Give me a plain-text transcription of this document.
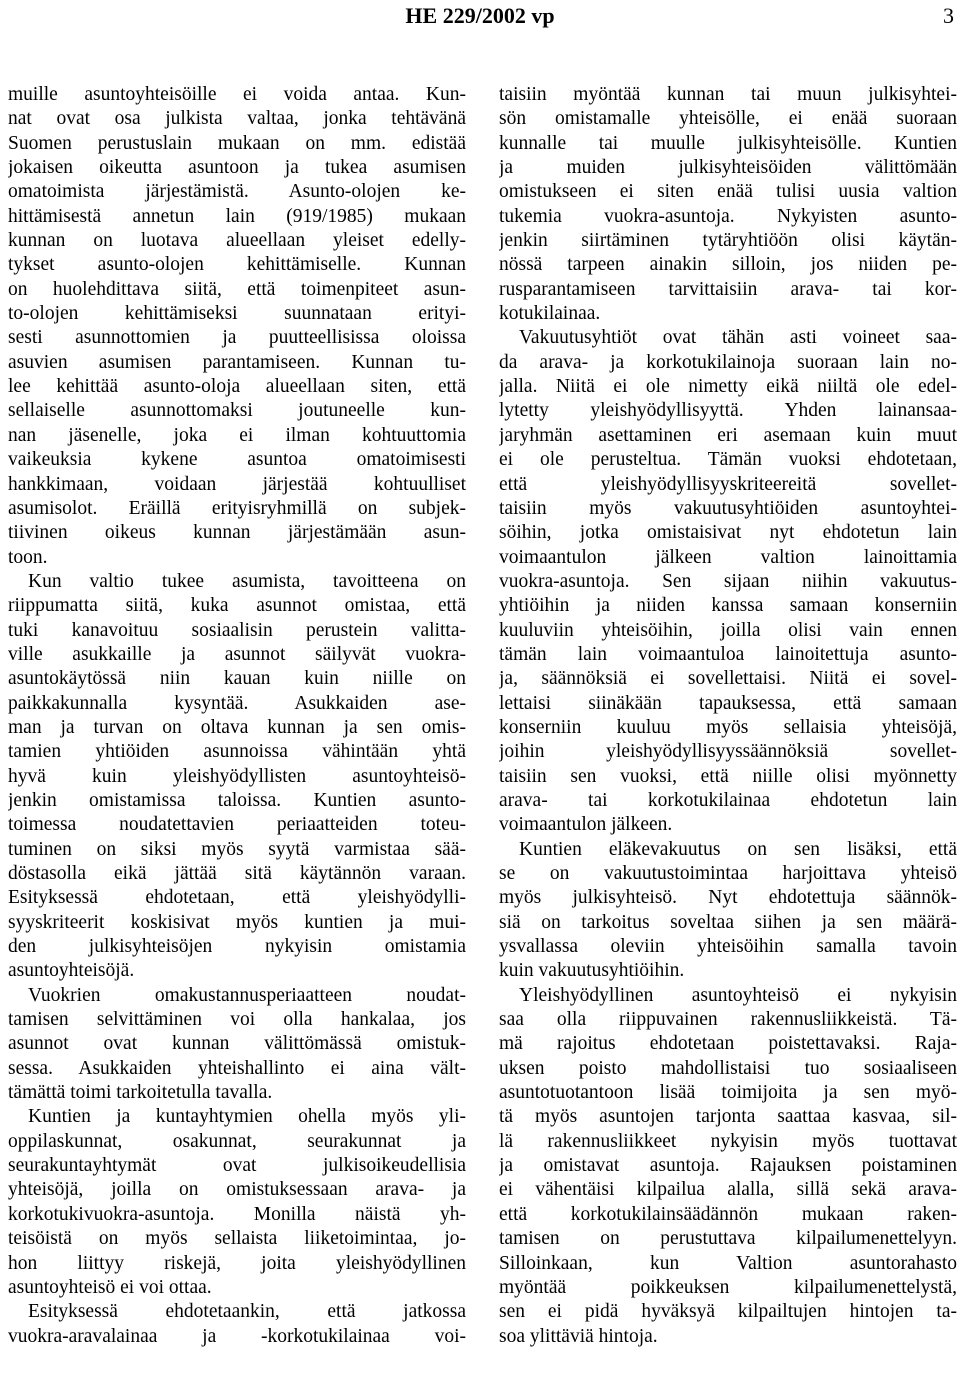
HE 229/2002 vp	3
muille asuntoyhteisöille ei voida antaa. Kun-
nat ovat osa julkista valtaa, jonka tehtävänä
Suomen perustuslain mukaan on mm. edistää
jokaisen oikeutta asuntoon ja tukea asumisen
omatoimista järjestämistä. Asunto-olojen ke-
hittämisestä annetun lain (919/1985) mukaan
kunnan on luotava alueellaan yleiset edelly-
tykset asunto-olojen kehittämiselle. Kunnan
on huolehdittava siitä, että toimenpiteet asun-
to-olojen kehittämiseksi suunnataan erityi-
sesti asunnottomien ja puutteellisissa oloissa
asuvien asumisen parantamiseen. Kunnan tu-
lee kehittää asunto-oloja alueellaan siten, että
sellaiselle asunnottomaksi joutuneelle kun-
nan jäsenelle, joka ei ilman kohtuuttomia
vaikeuksia kykene asuntoa omatoimisesti
hankkimaan, voidaan järjestää kohtuulliset
asumisolot. Eräillä erityisryhmillä on subjek-
tiivinen oikeus kunnan järjestämään asun-
toon.
Kun valtio tukee asumista, tavoitteena on
riippumatta siitä, kuka asunnot omistaa, että
tuki kanavoituu sosiaalisin perustein valitta-
ville asukkaille ja asunnot säilyvät vuokra-
asuntokäytössä niin kauan kuin niille on
paikkakunnalla kysyntää. Asukkaiden ase-
man ja turvan on oltava kunnan ja sen omis-
tamien yhtiöiden asunnoissa vähintään yhtä
hyvä kuin yleishyödyllisten asuntoyhteisö-
jenkin omistamissa taloissa. Kuntien asunto-
toimessa noudatettavien periaatteiden toteu-
tuminen on siksi myös syytä varmistaa sää-
döstasolla eikä jättää sitä käytännön varaan.
Esityksessä ehdotetaan, että yleishyödylli-
syyskriteerit koskisivat myös kuntien ja mui-
den julkisyhteisöjen nykyisin omistamia
asuntoyhteisöjä.
Vuokrien omakustannusperiaatteen noudat-
tamisen selvittäminen voi olla hankalaa, jos
asunnot ovat kunnan välittömässä omistuk-
sessa. Asukkaiden yhteishallinto ei aina vält-
tämättä toimi tarkoitetulla tavalla.
Kuntien ja kuntayhtymien ohella myös yli-
oppilaskunnat, osakunnat, seurakunnat ja
seurakuntayhtymät ovat julkisoikeudellisia
yhteisöjä, joilla on omistuksessaan arava- ja
korkotukivuokra-asuntoja. Monilla näistä yh-
teisöistä on myös sellaista liiketoimintaa, jo-
hon liittyy riskejä, joita yleishyödyllinen
asuntoyhteisö ei voi ottaa.
Esityksessä ehdotetaankin, että jatkossa
vuokra-aravalainaa ja -korkotukilainaa voi-
taisiin myöntää kunnan tai muun julkisyhtei-
sön omistamalle yhteisölle, ei enää suoraan
kunnalle tai muulle julkisyhteisölle. Kuntien
ja muiden julkisyhteisöiden välittömään
omistukseen ei siten enää tulisi uusia valtion
tukemia vuokra-asuntoja. Nykyisten asunto-
jenkin siirtäminen tytäryhtiöön olisi käytän-
nössä tarpeen ainakin silloin, jos niiden pe-
rusparantamiseen tarvittaisiin arava- tai kor-
kotukilainaa.
Vakuutusyhtiöt ovat tähän asti voineet saa-
da arava- ja korkotukilainoja suoraan lain no-
jalla. Niitä ei ole nimetty eikä niiltä ole edel-
lytetty yleishyödyllisyyttä. Yhden lainansaa-
jaryhmän asettaminen eri asemaan kuin muut
ei ole perusteltua. Tämän vuoksi ehdotetaan,
että yleishyödyllisyyskriteereitä sovellet-
taisiin myös vakuutusyhtiöiden asuntoyhtei-
söihin, jotka omistaisivat nyt ehdotetun lain
voimaantulon jälkeen valtion lainoittamia
vuokra-asuntoja. Sen sijaan niihin vakuutus-
yhtiöihin ja niiden kanssa samaan konserniin
kuuluviin yhteisöihin, joilla olisi vain ennen
tämän lain voimaantuloa lainoitettuja asunto-
ja, säännöksiä ei sovellettaisi. Niitä ei sovel-
lettaisi siinäkään tapauksessa, että samaan
konserniin kuuluu myös sellaisia yhteisöjä,
joihin yleishyödyllisyyssäännöksiä sovellet-
taisiin sen vuoksi, että niille olisi myönnetty
arava- tai korkotukilainaa ehdotetun lain
voimaantulon jälkeen.
Kuntien eläkevakuutus on sen lisäksi, että
se on vakuutustoimintaa harjoittava yhteisö
myös julkisyhteisö. Nyt ehdotettuja säännök-
siä on tarkoitus soveltaa siihen ja sen määrä-
ysvallassa oleviin yhteisöihin samalla tavoin
kuin vakuutusyhtiöihin.
Yleishyödyllinen asuntoyhteisö ei nykyisin
saa olla riippuvainen rakennusliikkeistä. Tä-
mä rajoitus ehdotetaan poistettavaksi. Raja-
uksen poisto mahdollistaisi tuo sosiaaliseen
asuntotuotantoon lisää toimijoita ja sen myö-
tä myös asuntojen tarjonta saattaa kasvaa, sil-
lä rakennusliikkeet nykyisin myös tuottavat
ja omistavat asuntoja. Rajauksen poistaminen
ei vähentäisi kilpailua alalla, sillä sekä arava-
että korkotukilainsäädännön mukaan raken-
tamisen on perustuttava kilpailumenettelyyn.
Silloinkaan, kun Valtion asuntorahasto
myöntää poikkeuksen kilpailumenettelystä,
sen ei pidä hyväksyä kilpailtujen hintojen ta-
soa ylittäviä hintoja.
